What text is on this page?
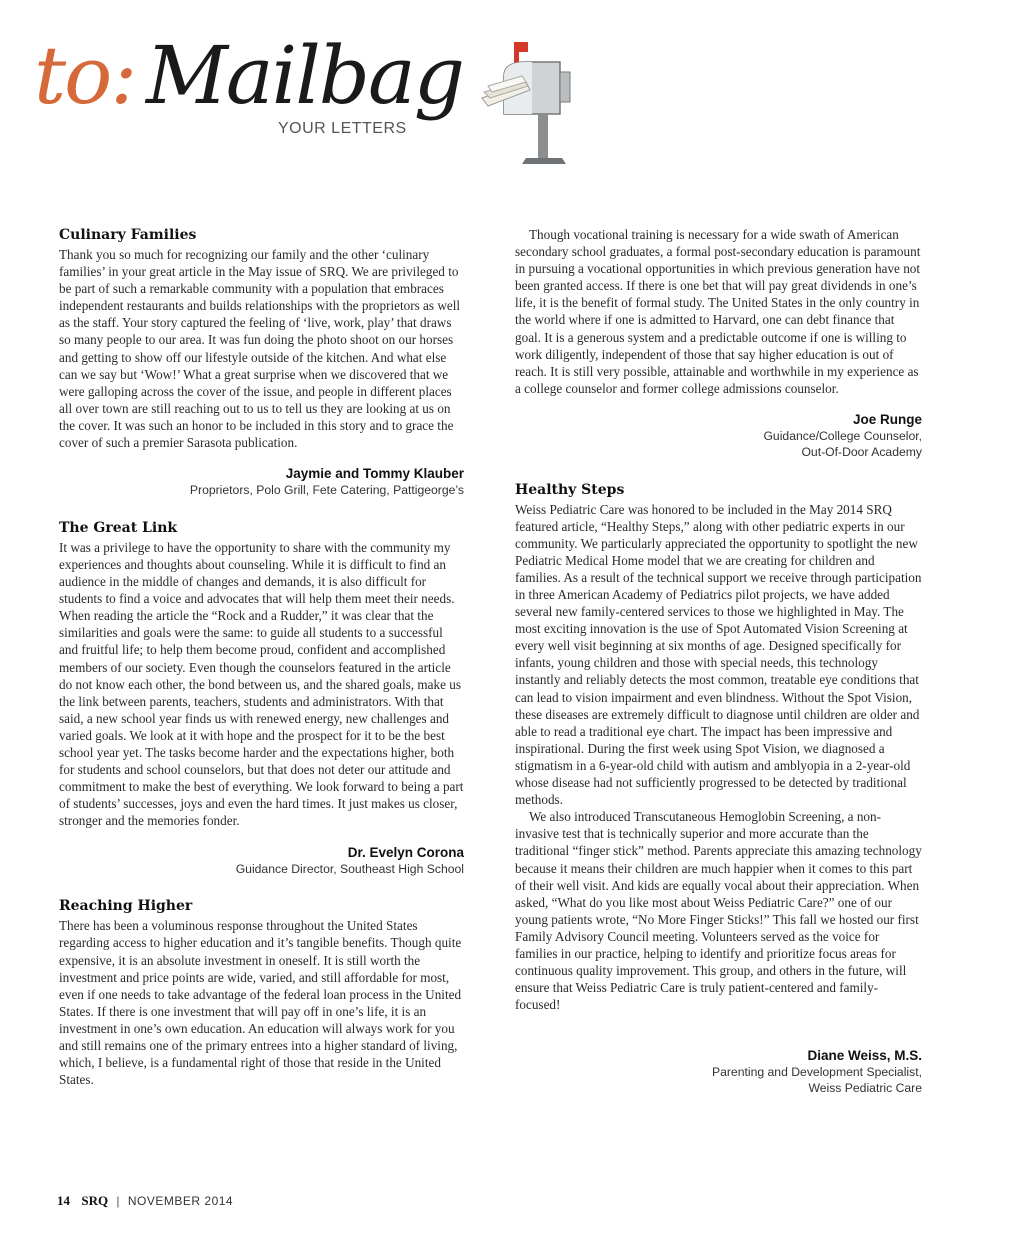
to: Mailbag
YOUR LETTERS
Culinary Families

Thank you so much for recognizing our family and the other ‘culinary families’ in your great article in the May issue of SRQ. We are privileged to be part of such a remarkable community with a population that embraces independent restaurants and builds relationships with the proprietors as well as the staff. Your story captured the feeling of ‘live, work, play’ that draws so many people to our area. It was fun doing the photo shoot on our horses and getting to show off our lifestyle outside of the kitchen. And what else can we say but ‘Wow!’ What a great surprise when we discovered that we were galloping across the cover of the issue, and people in different places all over town are still reaching out to us to tell us they are looking at us on the cover. It was such an honor to be included in this story and to grace the cover of such a premier Sarasota publication.

Jaymie and Tommy Klauber
Proprietors, Polo Grill, Fete Catering, Pattigeorge’s
The Great Link

It was a privilege to have the opportunity to share with the community my experiences and thoughts about counseling. While it is difficult to find an audience in the middle of changes and demands, it is also difficult for students to find a voice and advocates that will help them meet their needs. When reading the article the “Rock and a Rudder,” it was clear that the similarities and goals were the same: to guide all students to a successful and fruitful life; to help them become proud, confident and accomplished members of our society. Even though the counselors featured in the article do not know each other, the bond between us, and the shared goals, make us the link between parents, teachers, students and administrators. With that said, a new school year finds us with renewed energy, new challenges and varied goals. We look at it with hope and the prospect for it to be the best school year yet. The tasks become harder and the expectations higher, both for students and school counselors, but that does not deter our attitude and commitment to make the best of everything. We look forward to being a part of students’ successes, joys and even the hard times. It just makes us closer, stronger and the memories fonder.

Dr. Evelyn Corona
Guidance Director, Southeast High School
Reaching Higher

There has been a voluminous response throughout the United States regarding access to higher education and it’s tangible benefits. Though quite expensive, it is an absolute investment in oneself. It is still worth the investment and price points are wide, varied, and still affordable for most, even if one needs to take advantage of the federal loan process in the United States. If there is one investment that will pay off in one’s life, it is an investment in one’s own education. An education will always work for you and still remains one of the primary entrees into a higher standard of living, which, I believe, is a fundamental right of those that reside in the United States.

Though vocational training is necessary for a wide swath of American secondary school graduates, a formal post-secondary education is paramount in pursuing a vocational opportunities in which previous generation have not been granted access. If there is one bet that will pay great dividends in one’s life, it is the benefit of formal study. The United States in the only country in the world where if one is admitted to Harvard, one can debt finance that goal. It is a generous system and a predictable outcome if one is willing to work diligently, independent of those that say higher education is out of reach. It is still very possible, attainable and worthwhile in my experience as a college counselor and former college admissions counselor.

Joe Runge
Guidance/College Counselor,
Out-Of-Door Academy
Healthy Steps

Weiss Pediatric Care was honored to be included in the May 2014 SRQ featured article, “Healthy Steps,” along with other pediatric experts in our community. We particularly appreciated the opportunity to spotlight the new Pediatric Medical Home model that we are creating for children and families. As a result of the technical support we receive through participation in three American Academy of Pediatrics pilot projects, we have added several new family-centered services to those we highlighted in May. The most exciting innovation is the use of Spot Automated Vision Screening at every well visit beginning at six months of age. Designed specifically for infants, young children and those with special needs, this technology instantly and reliably detects the most common, treatable eye conditions that can lead to vision impairment and even blindness. Without the Spot Vision, these diseases are extremely difficult to diagnose until children are older and able to read a traditional eye chart. The impact has been impressive and inspirational. During the first week using Spot Vision, we diagnosed a stigmatism in a 6-year-old child with autism and amblyopia in a 2-year-old whose disease had not sufficiently progressed to be detected by traditional methods.

We also introduced Transcutaneous Hemoglobin Screening, a non-invasive test that is technically superior and more accurate than the traditional “finger stick” method. Parents appreciate this amazing technology because it means their children are much happier when it comes to this part of their well visit. And kids are equally vocal about their appreciation. When asked, “What do you like most about Weiss Pediatric Care?” one of our young patients wrote, “No More Finger Sticks!” This fall we hosted our first Family Advisory Council meeting. Volunteers served as the voice for families in our practice, helping to identify and prioritize focus areas for continuous quality improvement. This group, and others in the future, will ensure that Weiss Pediatric Care is truly patient-centered and family-focused!

Diane Weiss, M.S.
Parenting and Development Specialist,
Weiss Pediatric Care
14 SRQ | NOVEMBER 2014
